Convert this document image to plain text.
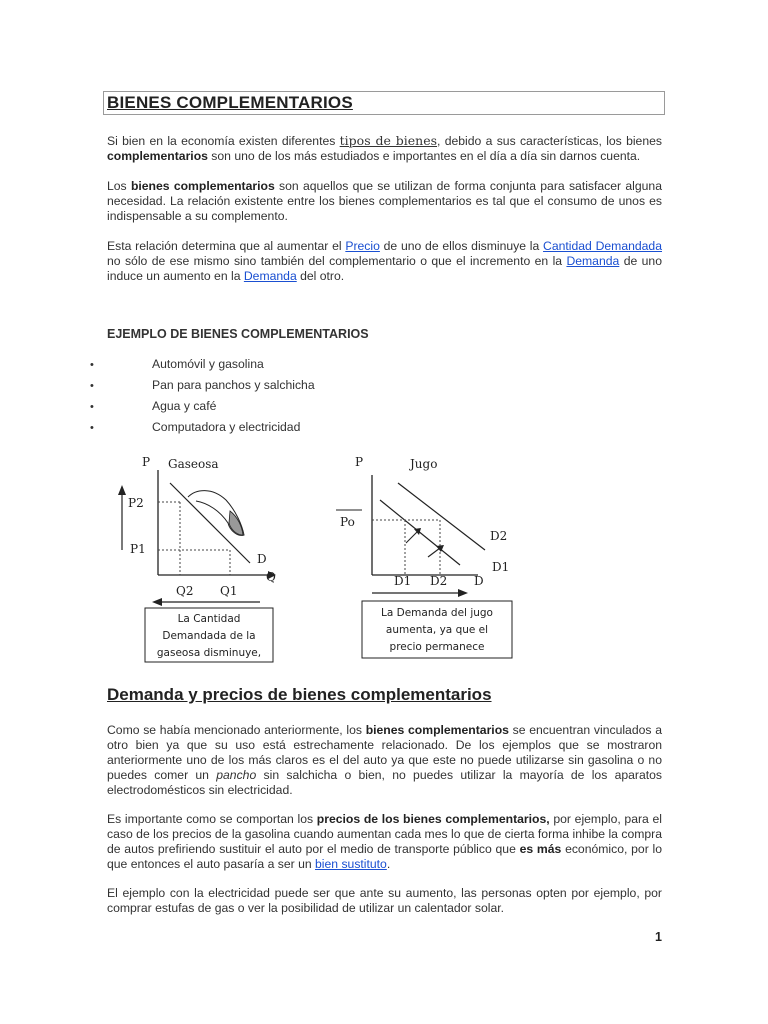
BIENES COMPLEMENTARIOS

Si bien en la economía existen diferentes tipos de bienes, debido a sus características, los bienes complementarios son uno de los más estudiados e importantes en el día a día sin darnos cuenta.

Los bienes complementarios son aquellos que se utilizan de forma conjunta para satisfacer alguna necesidad. La relación existente entre los bienes complementarios es tal que el consumo de unos es indispensable a su complemento.

Esta relación determina que al aumentar el Precio de uno de ellos disminuye la Cantidad Demandada no sólo de ese mismo sino también del complementario o que el incremento en la Demanda de uno induce un aumento en la Demanda del otro.

EJEMPLO DE BIENES COMPLEMENTARIOS
•	Automóvil y gasolina
•	Pan para panchos y salchicha
•	Agua y café
•	Computadora y electricidad
P Gaseosa
P2
P1
D
Q
Q2 Q1
La Cantidad
Demandada de la
gaseosa disminuye,
P	Jugo
Po
D2
D1
D1 D2 D
La Demanda del jugo
aumenta, ya que el
precio permanece
Demanda y precios de bienes complementarios

Como se había mencionado anteriormente, los bienes complementarios se encuentran vinculados a otro bien ya que su uso está estrechamente relacionado. De los ejemplos que se mostraron anteriormente uno de los más claros es el del auto ya que este no puede utilizarse sin gasolina o no puedes comer un pancho sin salchicha o bien, no puedes utilizar la mayoría de los aparatos electrodomésticos sin electricidad.

Es importante como se comportan los precios de los bienes complementarios, por ejemplo, para el caso de los precios de la gasolina cuando aumentan cada mes lo que de cierta forma inhibe la compra de autos prefiriendo sustituir el auto por el medio de transporte público que es más económico, por lo que entonces el auto pasaría a ser un bien sustituto.

El ejemplo con la electricidad puede ser que ante su aumento, las personas opten por ejemplo, por comprar estufas de gas o ver la posibilidad de utilizar un calentador solar.

1
